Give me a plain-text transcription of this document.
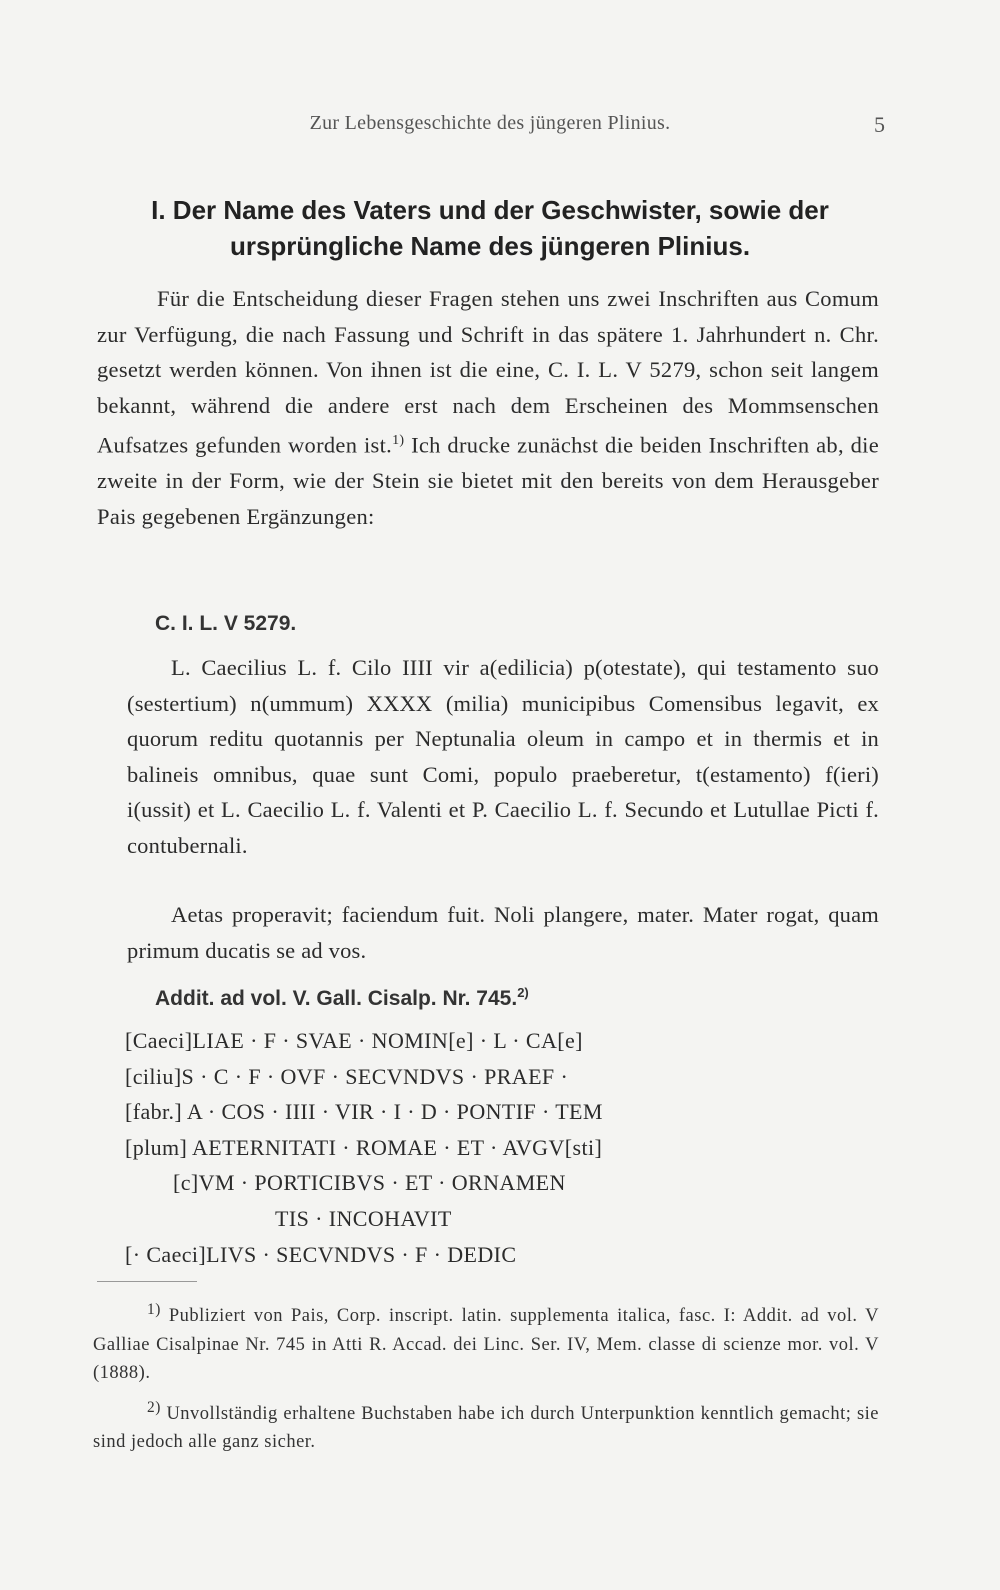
Zur Lebensgeschichte des jüngeren Plinius.	5
I. Der Name des Vaters und der Geschwister, sowie der
ursprüngliche Name des jüngeren Plinius.
Für die Entscheidung dieser Fragen stehen uns zwei Inschriften aus Comum zur Verfügung, die nach Fassung und Schrift in das spätere 1. Jahrhundert n. Chr. gesetzt werden können. Von ihnen ist die eine, C. I. L. V 5279, schon seit langem bekannt, während die andere erst nach dem Erscheinen des Mommsenschen Aufsatzes gefunden worden ist.$^{1)}$ Ich drucke zunächst die beiden Inschriften ab, die zweite in der Form, wie der Stein sie bietet mit den bereits von dem Herausgeber Pais gegebenen Ergänzungen:
C. I. L. V 5279.
L. Caecilius L. f. Cilo IIII vir a(edilicia) p(otestate), qui testamento suo (sestertium) n(ummum) XXXX (milia) municipibus Comensibus legavit, ex quorum reditu quotannis per Neptunalia oleum in campo et in thermis et in balineis omnibus, quae sunt Comi, populo praeberetur, t(estamento) f(ieri) i(ussit) et L. Caecilio L. f. Valenti et P. Caecilio L. f. Secundo et Lutullae Picti f. contubernali.
Aetas properavit; faciendum fuit. Noli plangere, mater. Mater rogat, quam primum ducatis se ad vos.
Addit. ad vol. V. Gall. Cisalp. Nr. 745.$^{2)}$
[Caeci]LIAE · F · SVAE · NOMIN[e] · L · CA[e]
[ciliu]S · C · F · OVF · SECVNDVS · PRAEF ·
[fabr.] A · COS · IIII · VIR · I · D · PONTIF · TEM
[plum] AETERNITATI · ROMAE · ET · AVGV[sti]
[c]VM · PORTICIBVS · ET · ORNAMEN
TIS · INCOHAVIT
[· Caeci]LIVS · SECVNDVS · F · DEDIC

$^{1)}$ Publiziert von Pais, Corp. inscript. latin. supplementa italica, fasc. I: Addit. ad vol. V Galliae Cisalpinae Nr. 745 in Atti R. Accad. dei Linc. Ser. IV, Mem. classe di scienze mor. vol. V (1888).

$^{2)}$ Unvollständig erhaltene Buchstaben habe ich durch Unterpunktion kenntlich gemacht; sie sind jedoch alle ganz sicher.
